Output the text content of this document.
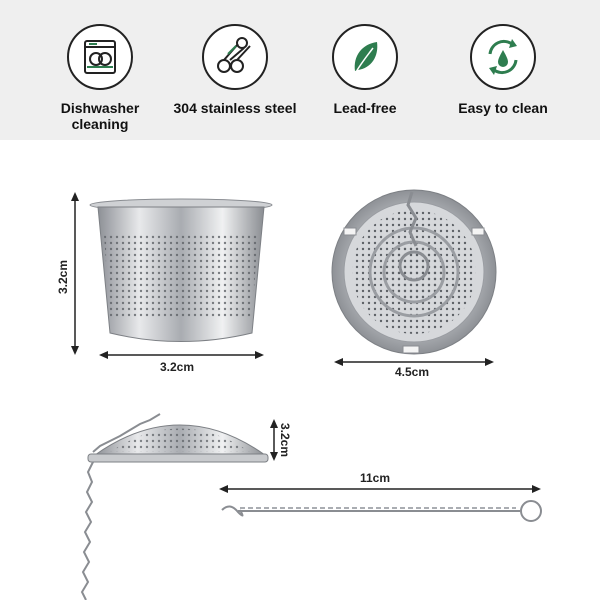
Dishwasher cleaning
304 stainless steel	Lead-free	Easy to clean
3.2cm
3.2cm	4.5cm
3.2cm
11cm
